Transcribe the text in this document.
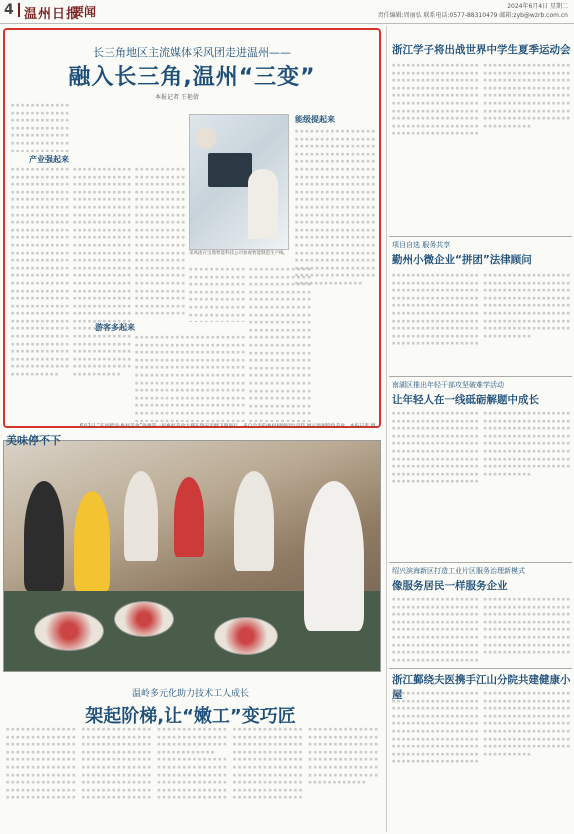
4 温州日报
要闻	2024年6月4日 星期二
责任编辑:周丽弘 联系电话:0577-88310479 邮箱:zyb@wzrb.com.cn
长三角地区主流媒体采风团走进温州——
融入长三角,温州“三变”
本报记者 王艳倩
采风团在宝鼎智能科技公司参观智能制造生产线。
产业强起来
能级提起来
游客多起来
■ ■ ■ ■ ■ ■ ■ ■ ■ ■ ■ ■ ■ ■ ■ ■ ■ ■ ■ ■ ■ ■ ■ ■ ■ ■ ■ ■ ■ ■ ■ ■ ■ ■ ■ ■ ■ ■ ■ ■ ■ ■ ■ ■ ■ ■ ■ ■ ■ ■ ■ ■ ■ ■ ■ ■ ■ ■ ■ ■ ■ ■ ■ ■ ■ ■ ■ ■ ■ ■ ■ ■ ■ ■ ■ ■ ■ ■ ■ ■ ■ ■ ■ ■ ■ ■ ■ ■ ■ ■ ■ ■ ■ ■ ■ ■ ■ ■ ■ ■ ■ ■ ■ ■ ■ ■ ■ ■ ■ ■ ■ ■ ■ ■ ■ ■ ■ ■ ■ ■ ■ ■ ■ ■ ■ ■ ■ ■ ■ ■ ■ ■ ■ ■ ■ ■ ■ ■ ■ ■ ■ ■ ■ ■ ■ ■ ■ ■ ■ ■ ■ ■ ■ ■ ■ ■ ■ ■ ■ ■ ■ ■ ■ ■ ■ ■ ■ ■ ■ ■ ■ ■ ■ ■ ■ ■ ■ ■ ■ ■ ■ ■ ■ ■ ■ ■ ■ ■ ■ ■ ■ ■ ■ ■ ■ ■ ■ ■ ■ ■ ■ ■ ■ ■ ■ ■ ■ ■ ■ ■ ■ ■ ■ ■ ■ ■ ■ ■ ■ ■ ■ ■ ■ ■ ■ ■ ■ ■ ■ ■ ■ ■ ■ ■ ■ ■ ■ ■ ■ ■ ■ ■ ■ ■ ■ ■ ■ ■ ■ ■ ■ ■ ■ ■ ■ ■ ■ ■ ■ ■ ■ ■ ■ ■ ■ ■ ■ ■ ■ ■ ■ ■ ■ ■ ■ ■ ■ ■ ■ ■ ■ ■ ■ ■ ■ ■ ■ ■ ■ ■ ■ ■ ■ ■ ■ ■ ■ ■ ■ ■ ■ ■ ■ ■ ■ ■ ■ ■ ■ ■ ■ ■ ■ ■ ■ ■ ■ ■ ■ ■ ■ ■ ■ ■ ■ ■ ■ ■ ■ ■ ■ ■ ■ ■
■ ■ ■ ■ ■ ■ ■ ■ ■ ■ ■ ■ ■ ■ ■ ■ ■ ■ ■ ■ ■ ■ ■ ■ ■ ■ ■ ■ ■ ■ ■ ■ ■ ■ ■ ■ ■ ■ ■ ■ ■ ■ ■ ■ ■ ■ ■ ■ ■ ■ ■ ■ ■ ■ ■ ■ ■ ■ ■ ■ ■ ■ ■ ■ ■ ■ ■ ■ ■ ■ ■ ■ ■ ■ ■ ■ ■ ■ ■ ■ ■ ■ ■ ■ ■ ■ ■ ■ ■ ■ ■ ■ ■ ■ ■ ■ ■ ■ ■ ■ ■ ■ ■ ■ ■ ■ ■ ■ ■ ■ ■ ■ ■ ■ ■ ■ ■ ■ ■ ■ ■ ■ ■ ■ ■ ■ ■ ■ ■ ■ ■ ■ ■ ■ ■ ■ ■ ■ ■ ■ ■ ■ ■ ■ ■ ■ ■ ■ ■ ■ ■ ■ ■ ■ ■ ■ ■ ■ ■ ■ ■ ■ ■ ■ ■ ■ ■ ■ ■ ■ ■ ■ ■ ■ ■ ■ ■ ■ ■ ■ ■ ■ ■ ■ ■ ■ ■ ■ ■ ■ ■ ■ ■ ■ ■ ■ ■ ■ ■ ■ ■ ■ ■ ■ ■ ■ ■ ■ ■ ■ ■ ■ ■ ■ ■ ■ ■ ■ ■ ■ ■ ■ ■ ■ ■ ■ ■ ■ ■ ■ ■ ■ ■ ■ ■ ■ ■ ■ ■ ■ ■ ■ ■ ■ ■ ■ ■ ■ ■ ■ ■ ■ ■ ■ ■ ■ ■ ■ ■ ■ ■ ■ ■ ■ ■ ■ ■ ■ ■ ■ ■ ■ ■ ■ ■ ■ ■ ■ ■ ■ ■ ■ ■ ■ ■ ■ ■ ■ ■ ■ ■ ■ ■ ■ ■ ■ ■ ■ ■ ■ ■ ■ ■ ■ ■ ■ ■ ■ ■ ■ ■ ■ ■ ■ ■ ■ ■ ■ ■ ■ ■ ■ ■ ■ ■ ■ ■ ■ ■ ■ ■ ■ ■ ■
■ ■ ■ ■ ■ ■ ■ ■ ■ ■ ■ ■ ■ ■ ■ ■ ■ ■ ■ ■ ■ ■ ■ ■ ■ ■ ■ ■ ■ ■ ■ ■ ■ ■ ■ ■ ■ ■ ■ ■ ■ ■ ■ ■ ■ ■ ■ ■ ■ ■ ■ ■ ■ ■ ■ ■ ■ ■ ■ ■ ■ ■ ■ ■ ■ ■ ■ ■ ■ ■ ■ ■ ■ ■ ■ ■ ■ ■ ■ ■ ■ ■ ■ ■ ■ ■ ■ ■ ■ ■ ■ ■ ■ ■ ■ ■ ■ ■ ■ ■ ■ ■ ■ ■ ■ ■ ■ ■ ■ ■ ■ ■ ■ ■ ■ ■ ■ ■ ■ ■ ■ ■ ■ ■ ■ ■ ■ ■ ■ ■ ■ ■ ■ ■ ■ ■ ■ ■ ■ ■ ■ ■ ■ ■ ■ ■ ■ ■ ■ ■ ■ ■ ■ ■ ■ ■ ■ ■ ■ ■ ■ ■ ■ ■ ■ ■ ■ ■ ■ ■ ■ ■ ■ ■ ■ ■ ■ ■ ■ ■ ■ ■ ■ ■ ■ ■ ■ ■ ■ ■ ■ ■ ■ ■ ■ ■ ■ ■ ■ ■ ■ ■ ■ ■ ■ ■ ■ ■ ■ ■ ■ ■ ■ ■ ■ ■ ■ ■ ■ ■ ■ ■ ■ ■ ■ ■ ■ ■ ■ ■ ■ ■ ■ ■ ■ ■ ■ ■ ■ ■ ■ ■ ■ ■ ■ ■ ■ ■ ■ ■ ■ ■ ■ ■ ■ ■ ■ ■ ■ ■ ■ ■ ■ ■ ■ ■ ■ ■ ■ ■ ■ ■ ■ ■ ■ ■ ■ ■ ■ ■ ■ ■ ■ ■ ■ ■ ■ ■ ■ ■ ■ ■ ■ ■ ■ ■ ■ ■ ■ ■ ■ ■ ■ ■ ■ ■ ■ ■ ■ ■ ■ ■ ■ ■ ■ ■ ■ ■ ■ ■ ■ ■ ■ ■ ■ ■ ■ ■ ■ ■ ■ ■ ■ ■
■ ■ ■ ■ ■ ■ ■ ■ ■ ■ ■ ■ ■ ■ ■ ■ ■ ■ ■ ■ ■ ■ ■ ■ ■ ■ ■ ■ ■ ■ ■ ■ ■ ■ ■ ■ ■ ■ ■ ■ ■ ■ ■ ■ ■ ■ ■ ■ ■ ■ ■ ■ ■ ■ ■ ■ ■ ■ ■ ■ ■ ■ ■ ■ ■ ■ ■ ■ ■ ■ ■ ■ ■ ■ ■ ■ ■ ■ ■ ■ ■ ■ ■ ■ ■ ■ ■ ■ ■ ■ ■ ■ ■ ■ ■ ■ ■ ■ ■ ■ ■ ■ ■ ■ ■ ■ ■ ■ ■ ■ ■ ■ ■ ■ ■ ■ ■ ■ ■ ■ ■ ■ ■ ■ ■ ■ ■ ■ ■ ■ ■ ■ ■ ■ ■ ■ ■ ■ ■ ■ ■ ■ ■ ■ ■ ■ ■ ■ ■ ■ ■ ■ ■ ■ ■ ■ ■ ■ ■ ■ ■ ■ ■ ■ ■ ■ ■ ■ ■ ■ ■ ■ ■ ■ ■ ■ ■ ■ ■ ■ ■ ■ ■ ■ ■ ■ ■ ■ ■ ■ ■ ■ ■ ■ ■ ■ ■ ■ ■ ■ ■ ■ ■ ■ ■ ■ ■ ■ ■ ■ ■ ■ ■ ■ ■ ■ ■ ■ ■ ■ ■ ■ ■ ■ ■ ■ ■ ■ ■ ■ ■ ■ ■ ■ ■ ■ ■ ■ ■ ■ ■ ■ ■ ■ ■ ■ ■ ■ ■ ■ ■ ■ ■ ■ ■ ■ ■ ■ ■ ■ ■ ■ ■ ■ ■ ■ ■ ■ ■ ■ ■ ■ ■ ■ ■ ■ ■ ■ ■ ■ ■ ■ ■ ■ ■ ■ ■ ■ ■ ■ ■ ■ ■ ■ ■ ■ ■ ■ ■ ■ ■ ■ ■ ■ ■ ■ ■ ■ ■ ■ ■ ■ ■ ■ ■ ■ ■ ■ ■ ■ ■ ■ ■ ■ ■ ■ ■ ■ ■ ■ ■ ■ ■ ■
■ ■ ■ ■ ■ ■ ■ ■ ■ ■ ■ ■ ■ ■ ■ ■ ■ ■ ■ ■ ■ ■ ■ ■ ■ ■ ■ ■ ■ ■ ■ ■ ■ ■ ■ ■ ■ ■ ■ ■ ■ ■ ■ ■ ■ ■ ■ ■ ■ ■ ■ ■ ■ ■ ■ ■ ■ ■ ■ ■ ■ ■ ■ ■ ■ ■ ■ ■ ■ ■ ■ ■ ■ ■ ■ ■ ■ ■ ■ ■ ■ ■ ■ ■ ■ ■ ■ ■ ■ ■ ■ ■ ■ ■ ■ ■ ■ ■ ■ ■ ■ ■ ■ ■ ■ ■ ■ ■ ■ ■ ■ ■ ■ ■ ■ ■ ■ ■ ■ ■ ■ ■ ■ ■ ■ ■ ■ ■ ■ ■ ■ ■ ■ ■ ■ ■ ■ ■ ■ ■ ■ ■ ■ ■ ■ ■ ■ ■ ■ ■ ■ ■ ■ ■ ■ ■ ■ ■ ■ ■ ■ ■ ■ ■ ■ ■ ■ ■ ■ ■ ■ ■ ■ ■ ■ ■ ■ ■ ■ ■ ■ ■ ■ ■ ■ ■ ■ ■ ■ ■ ■ ■ ■ ■ ■ ■ ■ ■ ■ ■ ■ ■ ■ ■ ■ ■ ■ ■ ■ ■ ■ ■ ■ ■ ■ ■ ■ ■ ■ ■ ■ ■ ■ ■ ■ ■ ■ ■ ■ ■ ■ ■ ■ ■ ■ ■ ■ ■ ■ ■ ■ ■ ■ ■ ■ ■ ■ ■ ■ ■ ■ ■ ■ ■ ■ ■ ■ ■ ■ ■ ■ ■ ■ ■ ■ ■ ■ ■ ■ ■ ■ ■ ■ ■ ■ ■ ■ ■ ■ ■ ■ ■ ■ ■ ■ ■ ■ ■ ■ ■ ■ ■ ■ ■ ■ ■ ■ ■ ■ ■ ■ ■ ■ ■ ■ ■ ■ ■ ■ ■ ■ ■ ■ ■ ■ ■ ■ ■ ■ ■ ■ ■ ■ ■ ■ ■ ■ ■ ■ ■ ■ ■ ■ ■
■ ■ ■ ■ ■ ■ ■ ■ ■ ■ ■ ■ ■ ■ ■ ■ ■ ■ ■ ■ ■ ■ ■ ■ ■ ■ ■ ■ ■ ■ ■ ■ ■ ■ ■ ■ ■ ■ ■ ■ ■ ■ ■ ■ ■ ■ ■ ■ ■ ■ ■ ■ ■ ■ ■ ■ ■ ■ ■ ■ ■ ■ ■ ■ ■ ■ ■ ■ ■ ■ ■ ■ ■ ■ ■ ■ ■ ■ ■ ■ ■ ■ ■ ■ ■ ■ ■ ■ ■ ■ ■ ■ ■ ■ ■ ■ ■ ■ ■ ■ ■ ■ ■ ■ ■ ■ ■ ■ ■ ■ ■ ■ ■ ■ ■ ■ ■ ■ ■ ■ ■ ■ ■ ■ ■ ■ ■ ■ ■ ■ ■ ■ ■ ■ ■ ■ ■ ■ ■ ■ ■ ■ ■ ■ ■ ■ ■ ■ ■ ■ ■ ■ ■ ■ ■ ■ ■ ■ ■ ■ ■ ■ ■ ■ ■ ■ ■ ■ ■ ■ ■ ■ ■ ■ ■ ■ ■ ■ ■ ■ ■ ■ ■ ■ ■ ■ ■ ■ ■ ■ ■ ■ ■ ■ ■ ■ ■ ■ ■ ■ ■ ■ ■ ■ ■ ■ ■ ■ ■ ■ ■ ■ ■ ■ ■ ■ ■ ■ ■ ■ ■ ■ ■ ■ ■ ■ ■ ■ ■ ■ ■ ■ ■ ■ ■ ■ ■ ■ ■ ■ ■ ■ ■ ■ ■ ■ ■ ■ ■ ■ ■ ■ ■ ■ ■ ■ ■ ■ ■ ■ ■ ■ ■ ■ ■ ■ ■ ■ ■ ■ ■ ■ ■ ■ ■ ■ ■ ■ ■ ■ ■ ■ ■ ■ ■ ■ ■ ■ ■ ■ ■ ■ ■ ■ ■ ■ ■ ■ ■ ■ ■ ■ ■ ■ ■ ■ ■ ■ ■ ■ ■ ■ ■ ■ ■ ■ ■ ■ ■ ■ ■ ■ ■ ■ ■ ■ ■ ■ ■ ■ ■ ■ ■ ■
■ ■ ■ ■ ■ ■ ■ ■ ■ ■ ■ ■ ■ ■ ■ ■ ■ ■ ■ ■ ■ ■ ■ ■ ■ ■ ■ ■ ■ ■ ■ ■ ■ ■ ■ ■ ■ ■ ■ ■ ■ ■ ■ ■ ■ ■ ■ ■ ■ ■ ■ ■ ■ ■ ■ ■ ■ ■ ■ ■ ■ ■ ■ ■ ■ ■ ■ ■ ■ ■ ■ ■ ■ ■ ■ ■ ■ ■ ■ ■ ■ ■ ■ ■ ■ ■ ■ ■ ■ ■ ■ ■ ■ ■ ■ ■ ■ ■ ■ ■ ■ ■ ■ ■ ■ ■ ■ ■ ■ ■ ■ ■ ■ ■ ■ ■ ■ ■ ■ ■ ■ ■ ■ ■ ■ ■ ■ ■ ■ ■ ■ ■ ■ ■ ■ ■ ■ ■ ■ ■ ■ ■ ■ ■ ■ ■ ■ ■ ■ ■ ■ ■ ■ ■ ■ ■ ■ ■ ■ ■ ■ ■ ■ ■ ■ ■ ■ ■ ■ ■ ■ ■ ■ ■ ■ ■ ■ ■ ■ ■ ■ ■ ■ ■ ■ ■ ■ ■ ■ ■ ■ ■ ■ ■ ■ ■ ■ ■ ■ ■ ■ ■ ■ ■ ■ ■ ■ ■ ■ ■ ■ ■ ■ ■ ■ ■ ■ ■ ■ ■ ■ ■ ■ ■ ■ ■ ■ ■ ■ ■ ■ ■ ■ ■ ■ ■ ■ ■ ■ ■ ■ ■ ■ ■ ■ ■ ■ ■ ■ ■ ■ ■ ■ ■ ■ ■ ■ ■ ■ ■ ■ ■ ■ ■ ■ ■ ■ ■ ■ ■ ■ ■ ■ ■ ■ ■ ■ ■ ■ ■ ■ ■ ■ ■ ■ ■ ■ ■ ■ ■ ■ ■ ■ ■ ■ ■ ■ ■ ■ ■ ■ ■ ■ ■ ■ ■ ■ ■ ■ ■ ■ ■ ■ ■ ■ ■ ■ ■ ■ ■ ■ ■ ■ ■ ■ ■ ■ ■ ■ ■ ■ ■ ■ ■
■ ■ ■ ■ ■ ■ ■ ■ ■ ■ ■ ■ ■ ■ ■ ■ ■ ■ ■ ■ ■ ■ ■ ■ ■ ■ ■ ■ ■ ■ ■ ■ ■ ■ ■ ■ ■ ■ ■ ■ ■ ■ ■ ■ ■ ■ ■ ■ ■ ■ ■ ■ ■ ■ ■ ■ ■ ■ ■ ■ ■ ■ ■ ■ ■ ■ ■ ■ ■ ■ ■ ■ ■ ■ ■ ■ ■ ■ ■ ■ ■ ■ ■ ■ ■ ■ ■ ■ ■ ■ ■ ■ ■ ■ ■ ■ ■ ■ ■ ■ ■ ■ ■ ■ ■ ■ ■ ■ ■ ■ ■ ■ ■ ■ ■ ■ ■ ■ ■ ■ ■ ■ ■ ■ ■ ■ ■ ■ ■ ■ ■ ■ ■ ■ ■ ■ ■ ■ ■ ■ ■ ■ ■ ■ ■ ■ ■ ■ ■ ■ ■ ■ ■ ■ ■ ■ ■ ■ ■ ■ ■ ■ ■ ■ ■ ■ ■ ■ ■ ■ ■ ■ ■ ■ ■ ■ ■ ■ ■ ■ ■ ■ ■ ■ ■ ■ ■ ■ ■ ■ ■ ■ ■ ■ ■ ■ ■ ■ ■ ■ ■ ■ ■ ■ ■ ■ ■ ■ ■ ■ ■ ■ ■ ■ ■ ■ ■ ■ ■ ■ ■ ■ ■ ■ ■ ■ ■ ■ ■ ■ ■ ■ ■ ■ ■ ■ ■ ■ ■ ■ ■ ■ ■ ■ ■ ■ ■ ■ ■ ■ ■ ■ ■ ■ ■ ■ ■ ■ ■ ■ ■ ■ ■ ■ ■ ■ ■ ■ ■ ■ ■ ■ ■ ■ ■ ■ ■ ■ ■ ■ ■ ■ ■ ■ ■ ■ ■ ■ ■ ■ ■ ■ ■ ■ ■ ■ ■ ■ ■ ■ ■ ■ ■ ■ ■ ■ ■ ■ ■ ■ ■ ■ ■ ■ ■ ■ ■ ■ ■ ■ ■ ■ ■ ■ ■ ■ ■ ■ ■ ■ ■ ■ ■ ■
6月1日,“长风破浪·乡村美食”温州第一届乡村美食大赛在瑞安市塘下镇举行。来自全市的乡村厨师同台竞技,展示温州特色美食。本报记者 摄
美味停不下
温岭多元化助力技术工人成长
架起阶梯,让“嫩工”变巧匠
■ ■ ■ ■ ■ ■ ■ ■ ■ ■ ■ ■ ■ ■ ■ ■ ■ ■ ■ ■ ■ ■ ■ ■ ■ ■ ■ ■ ■ ■ ■ ■ ■ ■ ■ ■ ■ ■ ■ ■ ■ ■ ■ ■ ■ ■ ■ ■ ■ ■ ■ ■ ■ ■ ■ ■ ■ ■ ■ ■ ■ ■ ■ ■ ■ ■ ■ ■ ■ ■ ■ ■ ■ ■ ■ ■ ■ ■ ■ ■ ■ ■ ■ ■ ■ ■ ■ ■ ■ ■ ■ ■ ■ ■ ■ ■ ■ ■ ■ ■ ■ ■ ■ ■ ■ ■ ■ ■ ■ ■ ■ ■ ■ ■ ■ ■ ■ ■ ■ ■ ■ ■ ■ ■ ■ ■ ■ ■ ■ ■ ■ ■ ■ ■ ■ ■ ■ ■ ■ ■ ■ ■ ■ ■ ■ ■ ■ ■ ■ ■ ■ ■ ■ ■ ■ ■ ■ ■ ■ ■ ■ ■ ■ ■ ■ ■ ■ ■ ■ ■ ■ ■ ■ ■ ■ ■ ■ ■ ■ ■ ■ ■ ■ ■ ■ ■ ■ ■ ■ ■ ■ ■ ■ ■ ■ ■ ■ ■ ■ ■ ■ ■ ■ ■ ■ ■ ■ ■ ■ ■ ■ ■ ■ ■ ■ ■ ■ ■ ■ ■ ■ ■ ■ ■ ■ ■ ■ ■ ■ ■ ■ ■ ■ ■ ■ ■ ■ ■ ■ ■ ■ ■ ■ ■ ■ ■ ■ ■ ■ ■ ■ ■ ■ ■ ■ ■ ■ ■ ■ ■ ■ ■ ■ ■ ■ ■ ■ ■ ■ ■ ■ ■ ■ ■ ■ ■ ■ ■ ■ ■ ■ ■ ■ ■ ■ ■ ■ ■ ■ ■ ■ ■ ■ ■ ■ ■ ■ ■ ■ ■ ■ ■ ■ ■ ■ ■ ■ ■ ■ ■ ■ ■ ■ ■ ■ ■ ■ ■ ■ ■ ■ ■ ■ ■ ■ ■ ■ ■ ■ ■ ■ ■ ■ ■
■ ■ ■ ■ ■ ■ ■ ■ ■ ■ ■ ■ ■ ■ ■ ■ ■ ■ ■ ■ ■ ■ ■ ■ ■ ■ ■ ■ ■ ■ ■ ■ ■ ■ ■ ■ ■ ■ ■ ■ ■ ■ ■ ■ ■ ■ ■ ■ ■ ■ ■ ■ ■ ■ ■ ■ ■ ■ ■ ■ ■ ■ ■ ■ ■ ■ ■ ■ ■ ■ ■ ■ ■ ■ ■ ■ ■ ■ ■ ■ ■ ■ ■ ■ ■ ■ ■ ■ ■ ■ ■ ■ ■ ■ ■ ■ ■ ■ ■ ■ ■ ■ ■ ■ ■ ■ ■ ■ ■ ■ ■ ■ ■ ■ ■ ■ ■ ■ ■ ■ ■ ■ ■ ■ ■ ■ ■ ■ ■ ■ ■ ■ ■ ■ ■ ■ ■ ■ ■ ■ ■ ■ ■ ■ ■ ■ ■ ■ ■ ■ ■ ■ ■ ■ ■ ■ ■ ■ ■ ■ ■ ■ ■ ■ ■ ■ ■ ■ ■ ■ ■ ■ ■ ■ ■ ■ ■ ■ ■ ■ ■ ■ ■ ■ ■ ■ ■ ■ ■ ■ ■ ■ ■ ■ ■ ■ ■ ■ ■ ■ ■ ■ ■ ■ ■ ■ ■ ■ ■ ■ ■ ■ ■ ■ ■ ■ ■ ■ ■ ■ ■ ■ ■ ■ ■ ■ ■ ■ ■ ■ ■ ■ ■ ■ ■ ■ ■ ■ ■ ■ ■ ■ ■ ■ ■ ■ ■ ■ ■ ■ ■ ■ ■ ■ ■ ■ ■ ■ ■ ■ ■ ■ ■ ■ ■ ■ ■ ■ ■ ■ ■ ■ ■ ■ ■ ■ ■ ■ ■ ■ ■ ■ ■ ■ ■ ■ ■ ■ ■ ■ ■ ■ ■ ■ ■ ■ ■ ■ ■ ■ ■ ■ ■ ■ ■ ■ ■ ■ ■ ■ ■ ■ ■ ■ ■ ■ ■ ■ ■ ■ ■ ■ ■ ■ ■ ■ ■ ■ ■ ■ ■ ■ ■ ■
浙江学子将出战世界中学生夏季运动会
■ ■ ■ ■ ■ ■ ■ ■ ■ ■ ■ ■ ■ ■ ■ ■ ■ ■ ■ ■ ■ ■ ■ ■ ■ ■ ■ ■ ■ ■ ■ ■ ■ ■ ■ ■ ■ ■ ■ ■ ■ ■ ■ ■ ■ ■ ■ ■ ■ ■ ■ ■ ■ ■ ■ ■ ■ ■ ■ ■ ■ ■ ■ ■ ■ ■ ■ ■ ■ ■ ■ ■ ■ ■ ■ ■ ■ ■ ■ ■ ■ ■ ■ ■ ■ ■ ■ ■ ■ ■ ■ ■ ■ ■ ■ ■ ■ ■ ■ ■ ■ ■ ■ ■ ■ ■ ■ ■ ■ ■ ■ ■ ■ ■ ■ ■ ■ ■ ■ ■ ■ ■ ■ ■ ■ ■ ■ ■ ■ ■ ■ ■ ■ ■ ■ ■ ■ ■ ■ ■ ■ ■ ■ ■ ■ ■ ■ ■ ■ ■ ■ ■ ■ ■ ■ ■ ■ ■ ■ ■ ■ ■ ■ ■ ■ ■ ■ ■ ■ ■ ■ ■ ■ ■ ■ ■ ■ ■ ■ ■ ■ ■ ■ ■ ■ ■ ■ ■ ■ ■ ■ ■ ■ ■ ■ ■ ■ ■ ■ ■ ■ ■ ■ ■ ■ ■ ■ ■ ■ ■ ■ ■ ■ ■ ■ ■ ■ ■ ■ ■ ■ ■ ■ ■ ■ ■ ■ ■ ■ ■ ■ ■ ■ ■ ■ ■ ■ ■ ■ ■ ■ ■ ■ ■ ■ ■ ■ ■ ■ ■ ■ ■ ■ ■ ■ ■ ■ ■ ■ ■ ■ ■ ■ ■ ■ ■ ■ ■ ■ ■ ■ ■ ■ ■ ■ ■ ■ ■ ■ ■ ■ ■ ■ ■ ■ ■ ■ ■ ■ ■ ■ ■ ■ ■ ■ ■ ■ ■ ■ ■ ■ ■ ■ ■ ■ ■ ■ ■ ■ ■ ■ ■ ■ ■ ■ ■ ■ ■ ■ ■ ■ ■ ■ ■ ■ ■ ■ ■ ■ ■ ■ ■ ■ ■
项目自选 服务共享
勤州小微企业“拼团”法律顾问
■ ■ ■ ■ ■ ■ ■ ■ ■ ■ ■ ■ ■ ■ ■ ■ ■ ■ ■ ■ ■ ■ ■ ■ ■ ■ ■ ■ ■ ■ ■ ■ ■ ■ ■ ■ ■ ■ ■ ■ ■ ■ ■ ■ ■ ■ ■ ■ ■ ■ ■ ■ ■ ■ ■ ■ ■ ■ ■ ■ ■ ■ ■ ■ ■ ■ ■ ■ ■ ■ ■ ■ ■ ■ ■ ■ ■ ■ ■ ■ ■ ■ ■ ■ ■ ■ ■ ■ ■ ■ ■ ■ ■ ■ ■ ■ ■ ■ ■ ■ ■ ■ ■ ■ ■ ■ ■ ■ ■ ■ ■ ■ ■ ■ ■ ■ ■ ■ ■ ■ ■ ■ ■ ■ ■ ■ ■ ■ ■ ■ ■ ■ ■ ■ ■ ■ ■ ■ ■ ■ ■ ■ ■ ■ ■ ■ ■ ■ ■ ■ ■ ■ ■ ■ ■ ■ ■ ■ ■ ■ ■ ■ ■ ■ ■ ■ ■ ■ ■ ■ ■ ■ ■ ■ ■ ■ ■ ■ ■ ■ ■ ■ ■ ■ ■ ■ ■ ■ ■ ■ ■ ■ ■ ■ ■ ■ ■ ■ ■ ■ ■ ■ ■ ■ ■ ■ ■ ■ ■ ■ ■ ■ ■ ■ ■ ■ ■ ■ ■ ■ ■ ■ ■ ■ ■ ■ ■ ■ ■ ■ ■ ■ ■ ■ ■ ■ ■ ■ ■ ■ ■ ■ ■ ■ ■ ■ ■ ■ ■ ■ ■ ■ ■ ■ ■ ■ ■ ■ ■ ■ ■ ■ ■ ■ ■ ■ ■ ■ ■ ■ ■ ■ ■ ■ ■ ■ ■ ■ ■ ■ ■ ■ ■ ■ ■ ■ ■ ■ ■ ■ ■ ■ ■ ■ ■ ■ ■ ■ ■ ■ ■ ■ ■ ■ ■ ■ ■ ■ ■ ■ ■ ■ ■ ■ ■ ■ ■ ■ ■ ■ ■ ■ ■ ■ ■ ■ ■ ■ ■ ■ ■ ■ ■ ■
南湖区推出年轻干部攻坚破难学活动
让年轻人在一线砥砺解题中成长
■ ■ ■ ■ ■ ■ ■ ■ ■ ■ ■ ■ ■ ■ ■ ■ ■ ■ ■ ■ ■ ■ ■ ■ ■ ■ ■ ■ ■ ■ ■ ■ ■ ■ ■ ■ ■ ■ ■ ■ ■ ■ ■ ■ ■ ■ ■ ■ ■ ■ ■ ■ ■ ■ ■ ■ ■ ■ ■ ■ ■ ■ ■ ■ ■ ■ ■ ■ ■ ■ ■ ■ ■ ■ ■ ■ ■ ■ ■ ■ ■ ■ ■ ■ ■ ■ ■ ■ ■ ■ ■ ■ ■ ■ ■ ■ ■ ■ ■ ■ ■ ■ ■ ■ ■ ■ ■ ■ ■ ■ ■ ■ ■ ■ ■ ■ ■ ■ ■ ■ ■ ■ ■ ■ ■ ■ ■ ■ ■ ■ ■ ■ ■ ■ ■ ■ ■ ■ ■ ■ ■ ■ ■ ■ ■ ■ ■ ■ ■ ■ ■ ■ ■ ■ ■ ■ ■ ■ ■ ■ ■ ■ ■ ■ ■ ■ ■ ■ ■ ■ ■ ■ ■ ■ ■ ■ ■ ■ ■ ■ ■ ■ ■ ■ ■ ■ ■ ■ ■ ■ ■ ■ ■ ■ ■ ■ ■ ■ ■ ■ ■ ■ ■ ■ ■ ■ ■ ■ ■ ■ ■ ■ ■ ■ ■ ■ ■ ■ ■ ■ ■ ■ ■ ■ ■ ■ ■ ■ ■ ■ ■ ■ ■ ■ ■ ■ ■ ■ ■ ■ ■ ■ ■ ■ ■ ■ ■ ■ ■ ■ ■ ■ ■ ■ ■ ■ ■ ■ ■ ■ ■ ■ ■ ■ ■ ■ ■ ■ ■ ■ ■ ■ ■ ■ ■ ■ ■ ■ ■ ■ ■ ■ ■ ■ ■ ■ ■ ■ ■ ■ ■ ■ ■ ■ ■ ■ ■ ■ ■ ■ ■ ■ ■ ■ ■ ■ ■ ■ ■ ■ ■ ■ ■ ■ ■ ■ ■ ■ ■ ■ ■ ■ ■ ■ ■ ■ ■ ■ ■ ■ ■ ■ ■ ■
绍兴滨海新区打造工业片区服务治理新模式
像服务居民一样服务企业
■ ■ ■ ■ ■ ■ ■ ■ ■ ■ ■ ■ ■ ■ ■ ■ ■ ■ ■ ■ ■ ■ ■ ■ ■ ■ ■ ■ ■ ■ ■ ■ ■ ■ ■ ■ ■ ■ ■ ■ ■ ■ ■ ■ ■ ■ ■ ■ ■ ■ ■ ■ ■ ■ ■ ■ ■ ■ ■ ■ ■ ■ ■ ■ ■ ■ ■ ■ ■ ■ ■ ■ ■ ■ ■ ■ ■ ■ ■ ■ ■ ■ ■ ■ ■ ■ ■ ■ ■ ■ ■ ■ ■ ■ ■ ■ ■ ■ ■ ■ ■ ■ ■ ■ ■ ■ ■ ■ ■ ■ ■ ■ ■ ■ ■ ■ ■ ■ ■ ■ ■ ■ ■ ■ ■ ■ ■ ■ ■ ■ ■ ■ ■ ■ ■ ■ ■ ■ ■ ■ ■ ■ ■ ■ ■ ■ ■ ■ ■ ■ ■ ■ ■ ■ ■ ■ ■ ■ ■ ■ ■ ■ ■ ■ ■ ■ ■ ■ ■ ■ ■ ■ ■ ■ ■ ■ ■ ■ ■ ■ ■ ■ ■ ■ ■ ■ ■ ■ ■ ■ ■ ■ ■ ■ ■ ■ ■ ■ ■ ■ ■ ■ ■ ■ ■ ■ ■ ■ ■ ■ ■ ■ ■ ■ ■ ■ ■ ■ ■ ■ ■ ■ ■ ■ ■ ■ ■ ■ ■ ■ ■ ■ ■ ■ ■ ■ ■ ■ ■ ■ ■ ■ ■ ■ ■ ■ ■ ■ ■ ■ ■ ■ ■ ■ ■ ■ ■ ■ ■ ■ ■ ■ ■ ■ ■ ■ ■ ■ ■ ■ ■ ■ ■ ■ ■ ■ ■ ■ ■ ■ ■ ■ ■ ■ ■ ■ ■ ■ ■ ■ ■ ■ ■ ■ ■ ■ ■ ■ ■ ■ ■ ■ ■ ■ ■ ■ ■ ■ ■ ■ ■ ■ ■ ■ ■ ■ ■ ■ ■ ■ ■ ■ ■ ■ ■ ■ ■ ■ ■ ■ ■ ■ ■ ■
浙江鄞绕夫医携手江山分院共建健康小屋
■ ■ ■ ■ ■ ■ ■ ■ ■ ■ ■ ■ ■ ■ ■ ■ ■ ■ ■ ■ ■ ■ ■ ■ ■ ■ ■ ■ ■ ■ ■ ■ ■ ■ ■ ■ ■ ■ ■ ■ ■ ■ ■ ■ ■ ■ ■ ■ ■ ■ ■ ■ ■ ■ ■ ■ ■ ■ ■ ■ ■ ■ ■ ■ ■ ■ ■ ■ ■ ■ ■ ■ ■ ■ ■ ■ ■ ■ ■ ■ ■ ■ ■ ■ ■ ■ ■ ■ ■ ■ ■ ■ ■ ■ ■ ■ ■ ■ ■ ■ ■ ■ ■ ■ ■ ■ ■ ■ ■ ■ ■ ■ ■ ■ ■ ■ ■ ■ ■ ■ ■ ■ ■ ■ ■ ■ ■ ■ ■ ■ ■ ■ ■ ■ ■ ■ ■ ■ ■ ■ ■ ■ ■ ■ ■ ■ ■ ■ ■ ■ ■ ■ ■ ■ ■ ■ ■ ■ ■ ■ ■ ■ ■ ■ ■ ■ ■ ■ ■ ■ ■ ■ ■ ■ ■ ■ ■ ■ ■ ■ ■ ■ ■ ■ ■ ■ ■ ■ ■ ■ ■ ■ ■ ■ ■ ■ ■ ■ ■ ■ ■ ■ ■ ■ ■ ■ ■ ■ ■ ■ ■ ■ ■ ■ ■ ■ ■ ■ ■ ■ ■ ■ ■ ■ ■ ■ ■ ■ ■ ■ ■ ■ ■ ■ ■ ■ ■ ■ ■ ■ ■ ■ ■ ■ ■ ■ ■ ■ ■ ■ ■ ■ ■ ■ ■ ■ ■ ■ ■ ■ ■ ■ ■ ■ ■ ■ ■ ■ ■ ■ ■ ■ ■ ■ ■ ■ ■ ■ ■ ■ ■ ■ ■ ■ ■ ■ ■ ■ ■ ■ ■ ■ ■ ■ ■ ■ ■ ■ ■ ■ ■ ■ ■ ■ ■ ■ ■ ■ ■ ■ ■ ■ ■ ■ ■ ■ ■ ■ ■ ■ ■ ■ ■ ■ ■ ■ ■ ■ ■ ■ ■ ■ ■ ■
